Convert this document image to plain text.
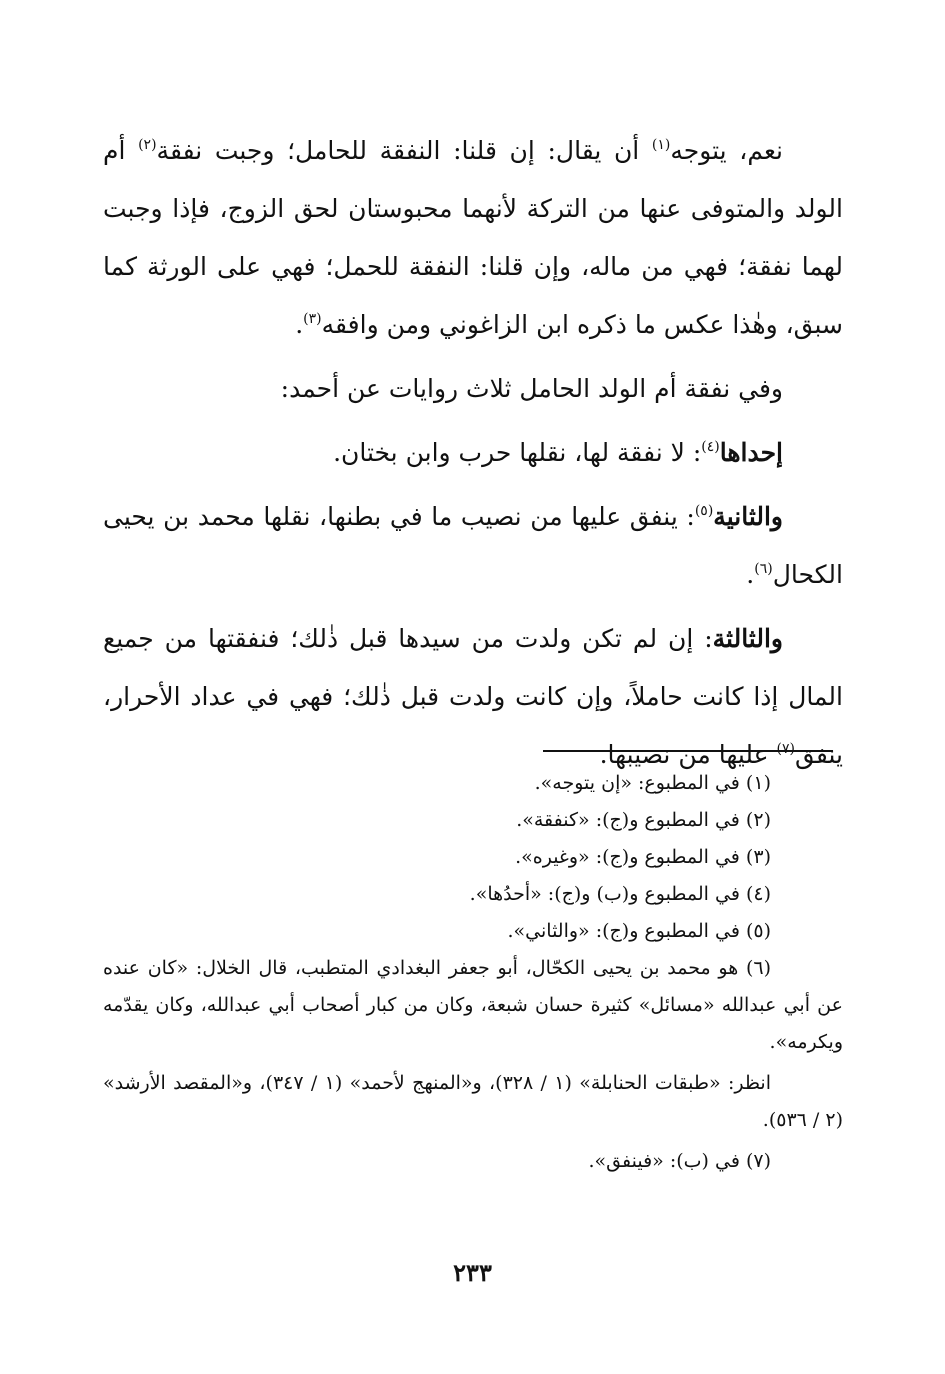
نعم، يتوجه$^{(١)}$ أن يقال: إن قلنا: النفقة للحامل؛ وجبت نفقة$^{(٢)}$ أم الولد والمتوفى عنها من التركة لأنهما محبوستان لحق الزوج، فإذا وجبت لهما نفقة؛ فهي من ماله، وإن قلنا: النفقة للحمل؛ فهي على الورثة كما سبق، وهٰذا عكس ما ذكره ابن الزاغوني ومن وافقه$^{(٣)}$.

وفي نفقة أم الولد الحامل ثلاث روايات عن أحمد:

إحداها$^{(٤)}$: لا نفقة لها، نقلها حرب وابن بختان.

والثانية$^{(٥)}$: ينفق عليها من نصيب ما في بطنها، نقلها محمد بن يحيى الكحال$^{(٦)}$.

والثالثة: إن لم تكن ولدت من سيدها قبل ذٰلك؛ فنفقتها من جميع المال إذا كانت حاملاً، وإن كانت ولدت قبل ذٰلك؛ فهي في عداد الأحرار، ينفق$^{(٧)}$ عليها من نصيبها.

(١) في المطبوع: «إن يتوجه».

(٢) في المطبوع و(ج): «كنفقة».

(٣) في المطبوع و(ج): «وغيره».

(٤) في المطبوع و(ب) و(ج): «أحدُها».

(٥) في المطبوع و(ج): «والثاني».

(٦) هو محمد بن يحيى الكحّال، أبو جعفر البغدادي المتطبب، قال الخلال: «كان عنده عن أبي عبدالله «مسائل» كثيرة حسان شبعة، وكان من كبار أصحاب أبي عبدالله، وكان يقدّمه ويكرمه».

انظر: «طبقات الحنابلة» (١ / ٣٢٨)، و«المنهج لأحمد» (١ / ٣٤٧)، و«المقصد الأرشد» (٢ / ٥٣٦).

(٧) في (ب): «فينفق».

٢٣٣
